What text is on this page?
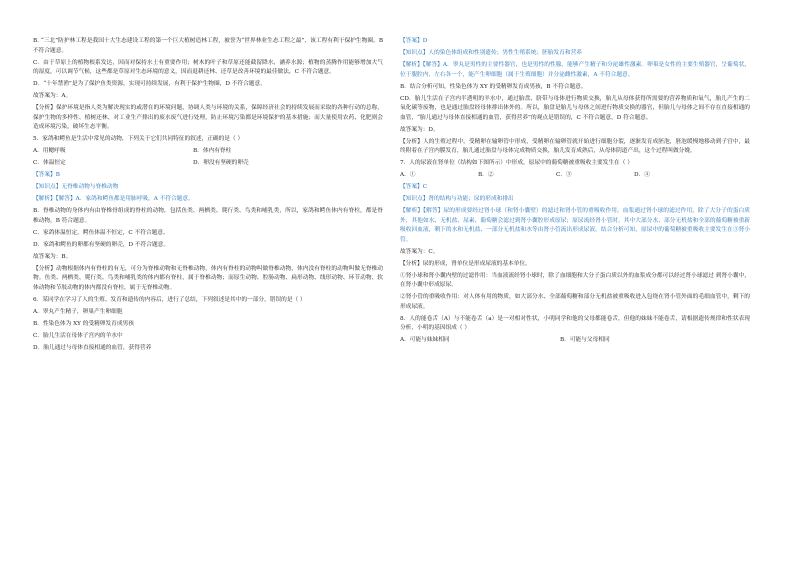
B. “三北”防护林工程是我国十大生态建设工程的第一个巨大植树造林工程，被誉为“世界林业生态工程之最”，该工程有利于保护生物圈，B 不符合题意。

C．由于草原上的植物根系发达，因而对保持水土有重要作用；树木的叶子和草原还能截留降水，涵养水源；植物的蒸腾作用能够增加大气的湿度，可以调节气候，这些都是草原对生态环境的意义，因而退耕还林、还草是改善环境的最佳做法，C 不符合题意。

D．“十年禁渔”是为了保护鱼类资源，实现可持续发展，有利于保护生物圈，D 不符合题意。

故答案为：A。

【分析】保护环境是指人类为解决现实的或潜在的环境问题，协调人类与环境的关系，保障经济社会的持续发展而采取的各种行动的总称，保护生物的多样性、植树还林、对工业生产排出的废水废气进行处理，防止环境污染都是环境保护的基本措施；而大量使用农药、化肥则会造成环境污染，破坏生态平衡。

5．家鸽和鳄鱼是生活中常见的动物，下列关于它们共同特征的叙述，正确的是（ ）

A．用鳃呼吸	B．体内有脊柱
C．体温恒定	D．卵没有坚硬的卵壳

【答案】B

【知识点】无脊椎动物与脊椎动物

【解析】【解答】A．家鸽和鳄鱼都是用肺呼吸，A 不符合题意。

B．脊椎动物的身体内有由脊椎骨组成的脊柱的动物，包括鱼类、两栖类、爬行类、鸟类和哺乳类，所以，家鸽和鳄鱼体内有脊柱，都是脊椎动物，B 符合题意。

C．家鸽体温恒定，鳄鱼体温不恒定，C 不符合题意。

D．家鸽和鳄鱼的卵都有坚硬的卵壳，D 不符合题意。

故答案为：B。

【分析】动物根据体内有脊柱的有无，可分为脊椎动物和无脊椎动物，体内有脊柱的动物叫做脊椎动物，体内没有脊柱的动物叫做无脊椎动物。鱼类、两栖类、爬行类、鸟类和哺乳类的体内都有脊柱，属于脊椎动物；而原生动物、腔肠动物、扁形动物、线形动物、环节动物、软体动物和节肢动物的体内都没有脊柱，属于无脊椎动物。

6．某同学在学习了人的生殖、发育和遗传的内容后，进行了总结，下列叙述是其中的一部分，错误的是（ ）

A．睾丸产生精子，卵巢产生卵细胞

B．性染色体为 XY 的受精卵发育成男孩

C．胎儿生活在母体子宫内的羊水中

D．胎儿通过与母体直接相通的血管，获得营养

【答案】D

【知识点】人的染色体组成和性别遗传；男性生殖系统；胚胎发育和营养

【解析】【解答】A．睾丸是男性的主要性器官，也是男性的性腺，能够产生精子和分泌雄性激素。卵巢是女性的主要生殖器官，呈葡萄状，位于腹腔内，左右各一个，能产生卵细胞（属于生殖细胞）并分泌雌性激素，A 不符合题意。

B．结合分析可知，性染色体为 XY 的受精卵发育成男孩，B 不符合题意。

CD．胎儿生活在子宫内半透明的羊水中，通过胎盘、脐带与母体进行物质交换，胎儿从母体获得所需要的营养物质和氧气，胎儿产生的二氧化碳等废物，也是通过胎盘经母体排出体外的。所以，胎盘是胎儿与母体之间进行物质交换的器官，但胎儿与母体之间不存在直接相通的血管，“胎儿通过与母体直接相通的血管，获得营养”的观点是错误的，C 不符合题意，D 符合题意。

故答案为：D。

【分析】人的生殖过程中，受精卵在输卵管中形成，受精卵在输卵管就开始进行细胞分裂，逐渐发育成胚泡，胚泡缓慢地移动到子宫中，最终附着在子宫内膜发育，胎儿通过胎盘与母体完成物质交换，胎儿发育成熟后，从母体阴道产出，这个过程叫做分娩。

7．人的尿液在肾单位（结构如下图所示）中形成，原尿中的葡萄糖被重吸收主要发生在（ ）

A．①	B．②	C．③	D．④

【答案】C

【知识点】肾的结构与功能；尿的形成和排出

【解析】【解答】尿的形成要经过肾小球（和肾小囊壁）的滤过和肾小管的重吸收作用。血浆通过肾小球的滤过作用，除了大分子的蛋白质外，其他如水、无机盐、尿素、葡萄糖会滤过到肾小囊腔形成原尿；原尿流经肾小管时，其中大部分水、部分无机盐和全部的葡萄糖被重新吸收回血液，剩下的水和无机盐、一部分无机盐和水等由肾小管流出形成尿液。结合分析可知，原尿中的葡萄糖被重吸收主要发生在③肾小管。

故答案为：C。

【分析】尿的形成，肾单位是形成尿液的基本单位。

①肾小球和肾小囊内壁的过滤作用：当血液流经肾小球时，除了血细胞和大分子蛋白质以外的血浆成分都可以经过肾小球滤过 到肾小囊中，在肾小囊中形成原尿。

②肾小管的重吸收作用：对人体有用的物质，如大部分水、全部葡萄糖和部分无机盐被重吸收进入包绕在肾小管外面的毛细血管中，剩下的形成尿液。

8．人的能卷舌（A）与不能卷舌（a）是一对相对性状，小明同学和他的父母都能卷舌，但他的妹妹不能卷舌，请根据遗传规律和性状表现分析，小明的基因组成（ ）

A．可能与妹妹相同	B．可能与父母相同
